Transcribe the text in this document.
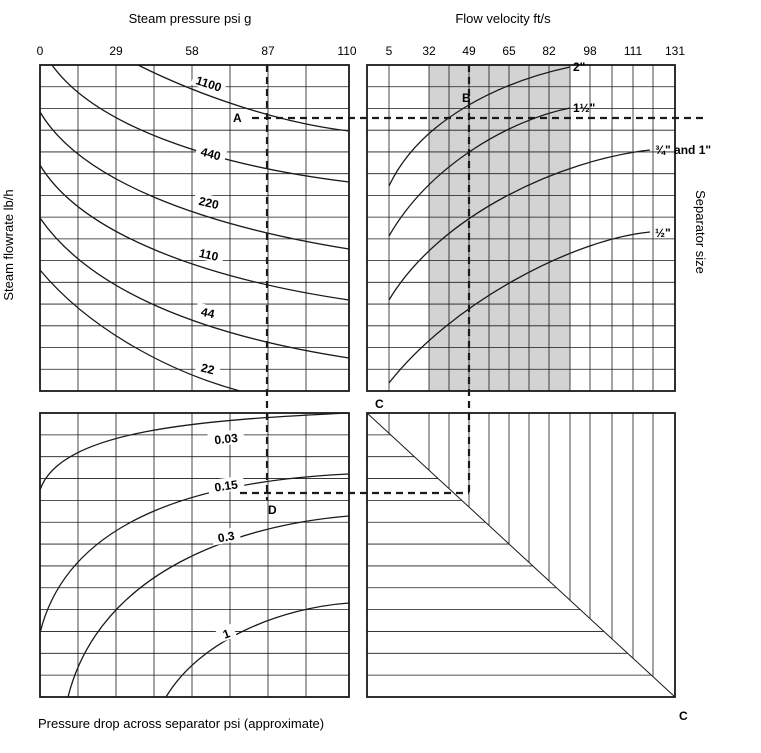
Steam pressure psi g	Flow velocity ft/s
Steam flowrate lb/h	Separator size
Pressure drop across separator psi (approximate)
0	29	58	87	110 5 32 49 65 82 98 111 131
1100
440
220
110
44
22
2"
1½"
¾" and 1"
½"
0.03
0.15
0.3
1
A
B
C
C
D
